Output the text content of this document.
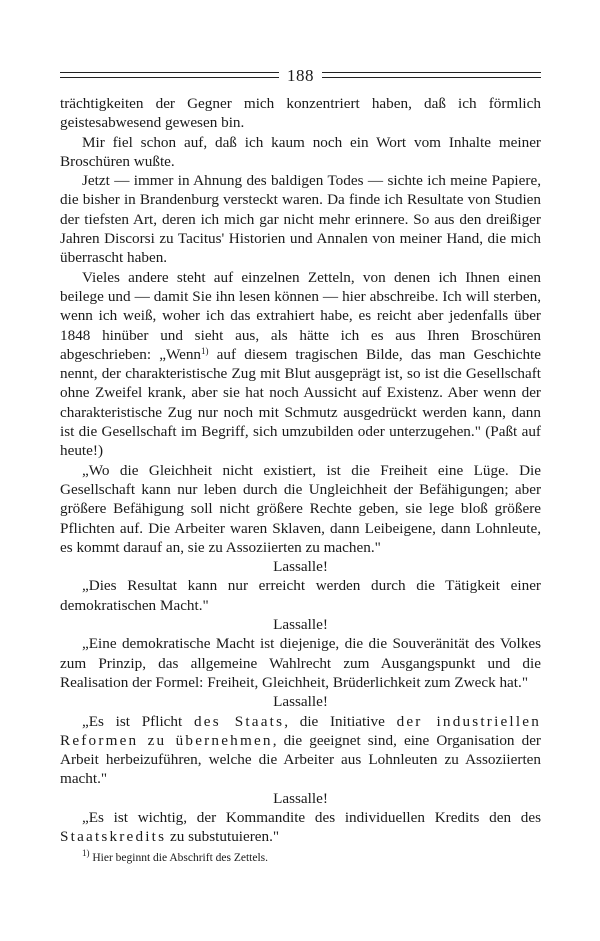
188

trächtigkeiten der Gegner mich konzentriert haben, daß ich förmlich geistesabwesend gewesen bin.

Mir fiel schon auf, daß ich kaum noch ein Wort vom Inhalte meiner Broschüren wußte.

Jetzt — immer in Ahnung des baldigen Todes — sichte ich meine Papiere, die bisher in Brandenburg versteckt waren. Da finde ich Resultate von Studien der tiefsten Art, deren ich mich gar nicht mehr erinnere. So aus den dreißiger Jahren Discorsi zu Tacitus' Historien und Annalen von meiner Hand, die mich überrascht haben.

Vieles andere steht auf einzelnen Zetteln, von denen ich Ihnen einen beilege und — damit Sie ihn lesen können — hier abschreibe. Ich will sterben, wenn ich weiß, woher ich das extrahiert habe, es reicht aber jedenfalls über 1848 hinüber und sieht aus, als hätte ich es aus Ihren Broschüren abgeschrieben: „Wenn$^{1)}$ auf diesem tragischen Bilde, das man Geschichte nennt, der charakteristische Zug mit Blut ausgeprägt ist, so ist die Gesellschaft ohne Zweifel krank, aber sie hat noch Aussicht auf Existenz. Aber wenn der charakteristische Zug nur noch mit Schmutz ausgedrückt werden kann, dann ist die Gesellschaft im Begriff, sich umzubilden oder unterzugehen." (Paßt auf heute!)

„Wo die Gleichheit nicht existiert, ist die Freiheit eine Lüge. Die Gesellschaft kann nur leben durch die Ungleichheit der Befähigungen; aber größere Befähigung soll nicht größere Rechte geben, sie lege bloß größere Pflichten auf. Die Arbeiter waren Sklaven, dann Leibeigene, dann Lohnleute, es kommt darauf an, sie zu Assoziierten zu machen."

Lassalle!

„Dies Resultat kann nur erreicht werden durch die Tätigkeit einer demokratischen Macht."

Lassalle!

„Eine demokratische Macht ist diejenige, die die Souveränität des Volkes zum Prinzip, das allgemeine Wahlrecht zum Ausgangspunkt und die Realisation der Formel: Freiheit, Gleichheit, Brüderlichkeit zum Zweck hat."

Lassalle!

„Es ist Pflicht des Staats, die Initiative der industriellen Reformen zu übernehmen, die geeignet sind, eine Organisation der Arbeit herbeizuführen, welche die Arbeiter aus Lohnleuten zu Assoziierten macht."

Lassalle!

„Es ist wichtig, der Kommandite des individuellen Kredits den des Staatskredits zu substutuieren."

$^{1)}$ Hier beginnt die Abschrift des Zettels.
